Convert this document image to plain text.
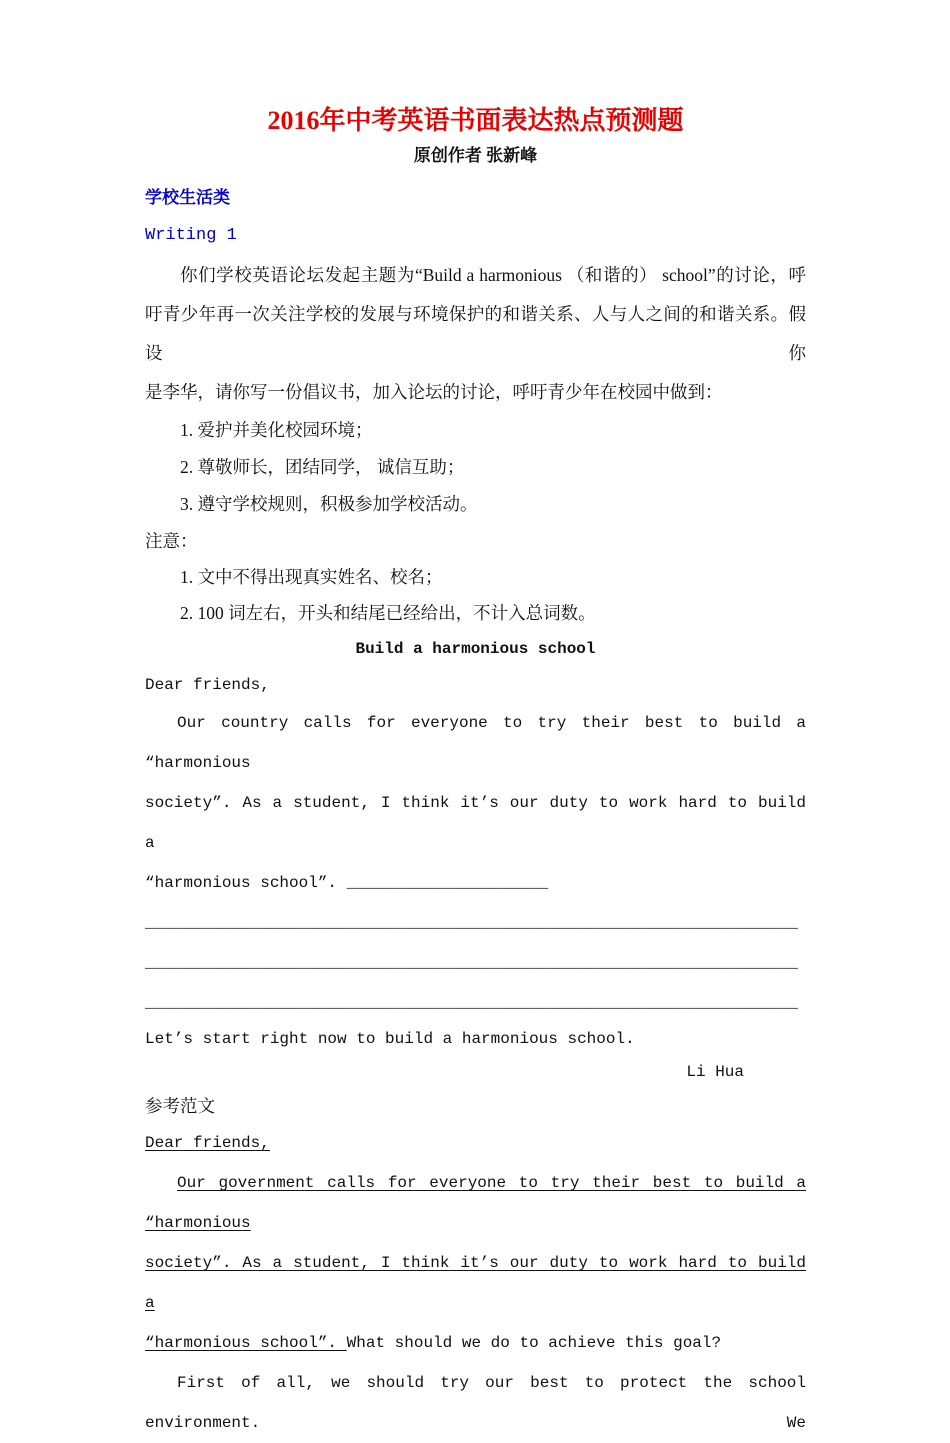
2016年中考英语书面表达热点预测题
原创作者 张新峰
学校生活类
Writing 1
你们学校英语论坛发起主题为“Build a harmonious （和谐的） school”的讨论，呼
吁青少年再一次关注学校的发展与环境保护的和谐关系、人与人之间的和谐关系。假设你
是李华，请你写一份倡议书，加入论坛的讨论，呼吁青少年在校园中做到：
1. 爱护并美化校园环境；
2. 尊敬师长，团结同学， 诚信互助；
3. 遵守学校规则，积极参加学校活动。
注意：
1. 文中不得出现真实姓名、校名；
2. 100 词左右，开头和结尾已经给出，不计入总词数。
Build a harmonious school
Dear friends,
Our country calls for everyone to try their best to build a “harmonious
society”. As a student, I think it’s our duty to work hard to build a
“harmonious school”. _____________________
____________________________________________________________________
____________________________________________________________________
____________________________________________________________________
Let’s start right now to build a harmonious school.
Li Hua
参考范文
Dear friends,
Our government calls for everyone to try their best to build a “harmonious
society”. As a student, I think it’s our duty to work hard to build a
“harmonious school”. What should we do to achieve this goal?
First of all, we should try our best to protect the school environment. We
